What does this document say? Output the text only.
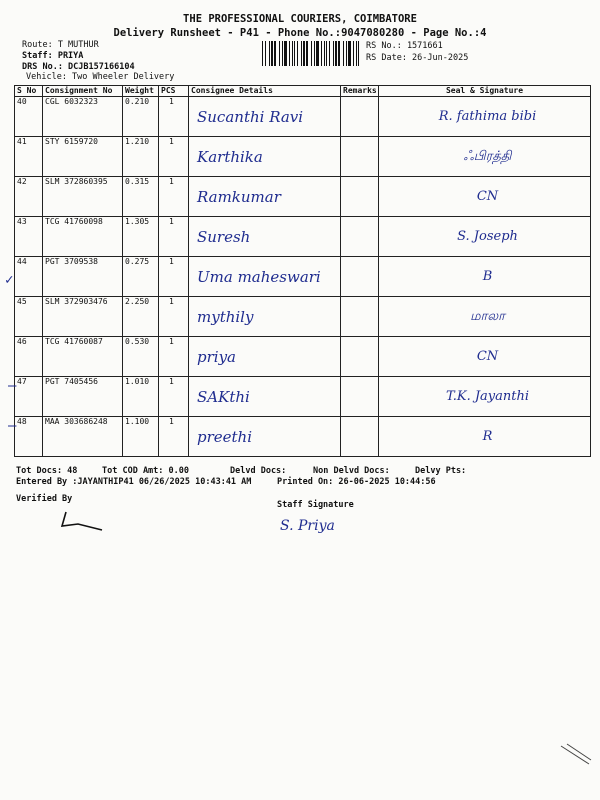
THE PROFESSIONAL COURIERS, COIMBATORE
Delivery Runsheet - P41 - Phone No.:9047080280 - Page No.:4
Route: T MUTHUR
Staff: PRIYA
DRS No.: DCJB157166104
Vehicle: Two Wheeler Delivery
RS No.: 1571661
RS Date: 26-Jun-2025
S No	Consignment No	Weight	PCS	Consignee Details	Remarks	Seal & Signature
40	CGL 6032323	0.210	1	Sucanthi Ravi		R. fathima bibi
41	STY 6159720	1.210	1	Karthika		ஃபிரத்தி
42	SLM 372860395	0.315	1	Ramkumar		CN
43	TCG 41760098	1.305	1	Suresh		S. Joseph
44	PGT 3709538	0.275	1	Uma maheswari		B
45	SLM 372903476	2.250	1	mythily		மாலா
46	TCG 41760087	0.530	1	priya		CN
47	PGT 7405456	1.010	1	SAKthi		T.K. Jayanthi
48	MAA 303686248	1.100	1	preethi		R
✓
–
–
Tot Docs: 48	Tot COD Amt: 0.00	Delvd Docs:	Non Delvd Docs:	Delvy Pts:
Entered By :JAYANTHIP41 06/26/2025 10:43:41 AM	Printed On: 26-06-2025 10:44:56
Verified By
Staff Signature
S. Priya
